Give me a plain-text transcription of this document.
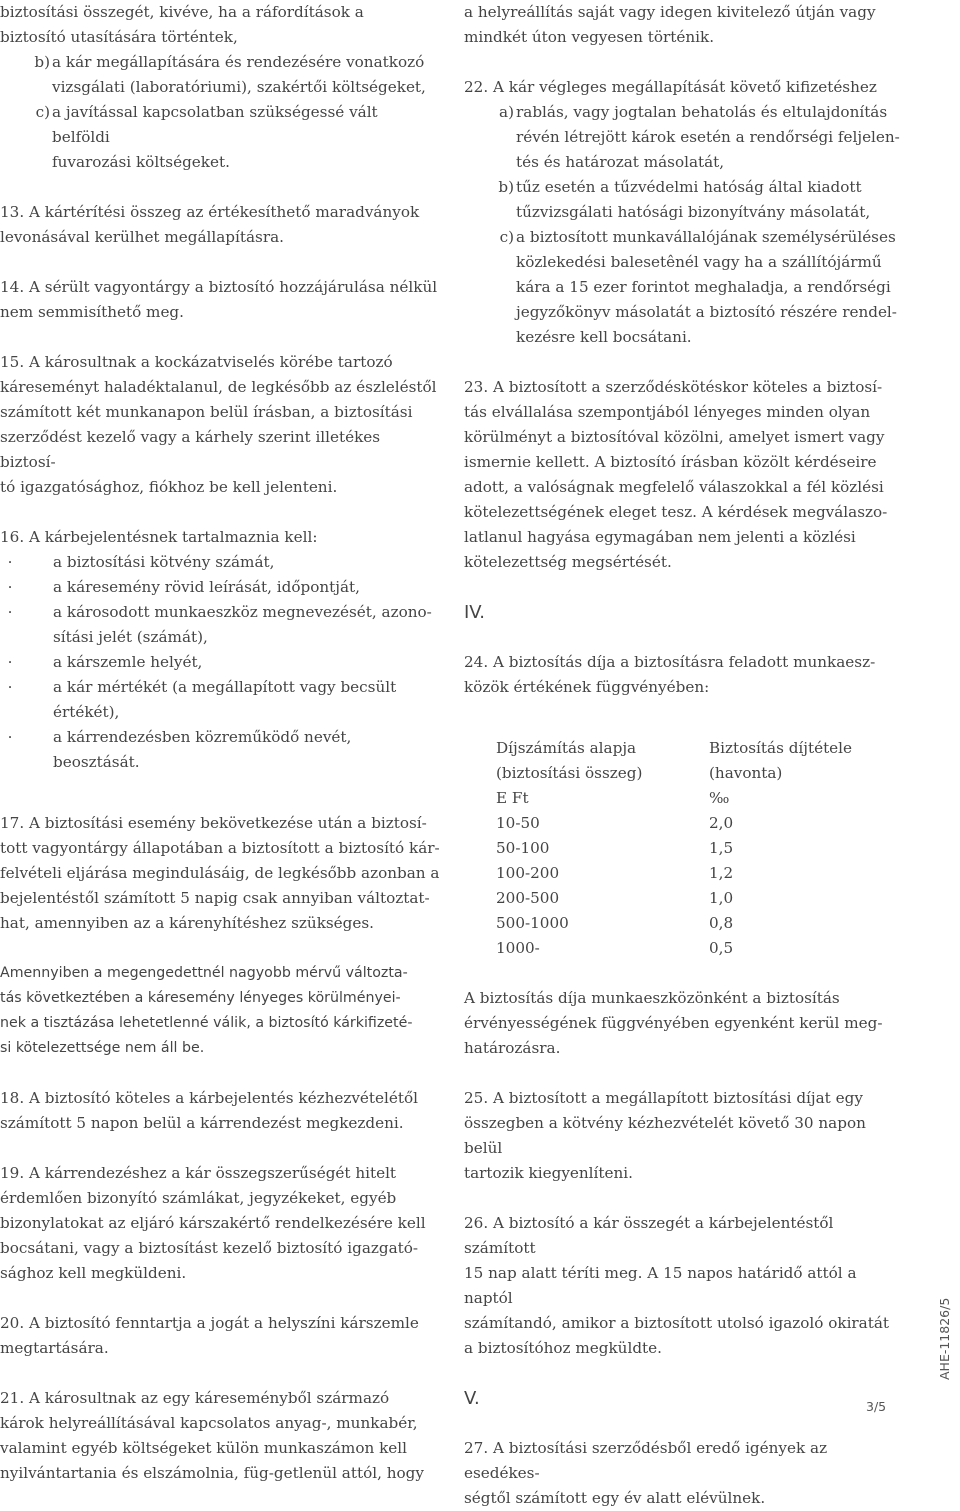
biztosítási összegét, kivéve, ha a ráfordítások a

biztosító utasítására történtek,

b) a kár megállapítására és rendezésére vonatkozó
vizsgálati (laboratóriumi), szakértői költségeket,
c) a javítással kapcsolatban szükségessé vált belföldi
fuvarozási költségeket.

13. A kártérítési összeg az értékesíthető maradványok

levonásával kerülhet megállapításra.

14. A sérült vagyontárgy a biztosító hozzájárulása nélkül

nem semmisíthető meg.

15. A károsultnak a kockázatviselés körébe tartozó

káreseményt haladéktalanul, de legkésőbb az észleléstől

számított két munkanapon belül írásban, a biztosítási

szerződést kezelő vagy a kárhely szerint illetékes biztosí-

tó igazgatósághoz, fiókhoz be kell jelenteni.

16. A kárbejelentésnek tartalmaznia kell:

·	a biztosítási kötvény számát,
·	a káresemény rövid leírását, időpontját,
·	a károsodott munkaeszköz megnevezését, azono-
sítási jelét (számát),
·	a kárszemle helyét,
·	a kár mértékét (a megállapított vagy becsült
értékét),
·	a kárrendezésben közreműködő nevét, beosztását.

17. A biztosítási esemény bekövetkezése után a biztosí-

tott vagyontárgy állapotában a biztosított a biztosító kár-

felvételi eljárása megindulásáig, de legkésőbb azonban a

bejelentéstől számított 5 napig csak annyiban változtat-

hat, amennyiben az a kárenyhítéshez szükséges.

Amennyiben a megengedettnél nagyobb mérvű változta-

tás következtében a káresemény lényeges körülményei-

nek a tisztázása lehetetlenné válik, a biztosító kárkifizeté-

si kötelezettsége nem áll be.

18. A biztosító köteles a kárbejelentés kézhezvételétől

számított 5 napon belül a kárrendezést megkezdeni.

19. A kárrendezéshez a kár összegszerűségét hitelt

érdemlően bizonyító számlákat, jegyzékeket, egyéb

bizonylatokat az eljáró kárszakértő rendelkezésére kell

bocsátani, vagy a biztosítást kezelő biztosító igazgató-

sághoz kell megküldeni.

20. A biztosító fenntartja a jogát a helyszíni kárszemle

megtartására.

21. A károsultnak az egy káreseményből származó

károk helyreállításával kapcsolatos anyag-, munkabér,

valamint egyéb költségeket külön munkaszámon kell

nyilvántartania és elszámolnia, füg-getlenül attól, hogy

a helyreállítás saját vagy idegen kivitelező útján vagy

mindkét úton vegyesen történik.

22. A kár végleges megállapítását követő kifizetéshez

a) rablás, vagy jogtalan behatolás és eltulajdonítás
révén létrejött károk esetén a rendőrségi feljelen-
tés és határozat másolatát,
b) tűz esetén a tűzvédelmi hatóság által kiadott
tűzvizsgálati hatósági bizonyítvány másolatát,
c) a biztosított munkavállalójának személysérüléses
közlekedési balesetênél vagy ha a szállítójármű
kára a 15 ezer forintot meghaladja, a rendőrségi
jegyzőkönyv másolatát a biztosító részére rendel-
kezésre kell bocsátani.

23. A biztosított a szerződéskötéskor köteles a biztosí-

tás elvállalása szempontjából lényeges minden olyan

körülményt a biztosítóval közölni, amelyet ismert vagy

ismernie kellett. A biztosító írásban közölt kérdéseire

adott, a valóságnak megfelelő válaszokkal a fél közlési

kötelezettségének eleget tesz. A kérdések megválaszo-

latlanul hagyása egymagában nem jelenti a közlési

kötelezettség megsértését.

IV.

24. A biztosítás díja a biztosításra feladott munkaesz-

közök értékének függvényében:

Díjszámítás alapja	Biztosítás díjtétele
(biztosítási összeg)	(havonta)
E Ft	‰
10-50	2,0
50-100	1,5
100-200	1,2
200-500	1,0
500-1000	0,8
1000-	0,5

A biztosítás díja munkaeszközönként a biztosítás

érvényességének függvényében egyenként kerül meg-

határozásra.

25. A biztosított a megállapított biztosítási díjat egy

összegben a kötvény kézhezvételét követő 30 napon belül

tartozik kiegyenlíteni.

26. A biztosító a kár összegét a kárbejelentéstől számított

15 nap alatt téríti meg. A 15 napos határidő attól a naptól

számítandó, amikor a biztosított utolsó igazoló okiratát

a biztosítóhoz megküldte.

V.

27. A biztosítási szerződésből eredő igények az esedékes-

ségtől számított egy év alatt elévülnek.

AHE-11826/5
3/5
